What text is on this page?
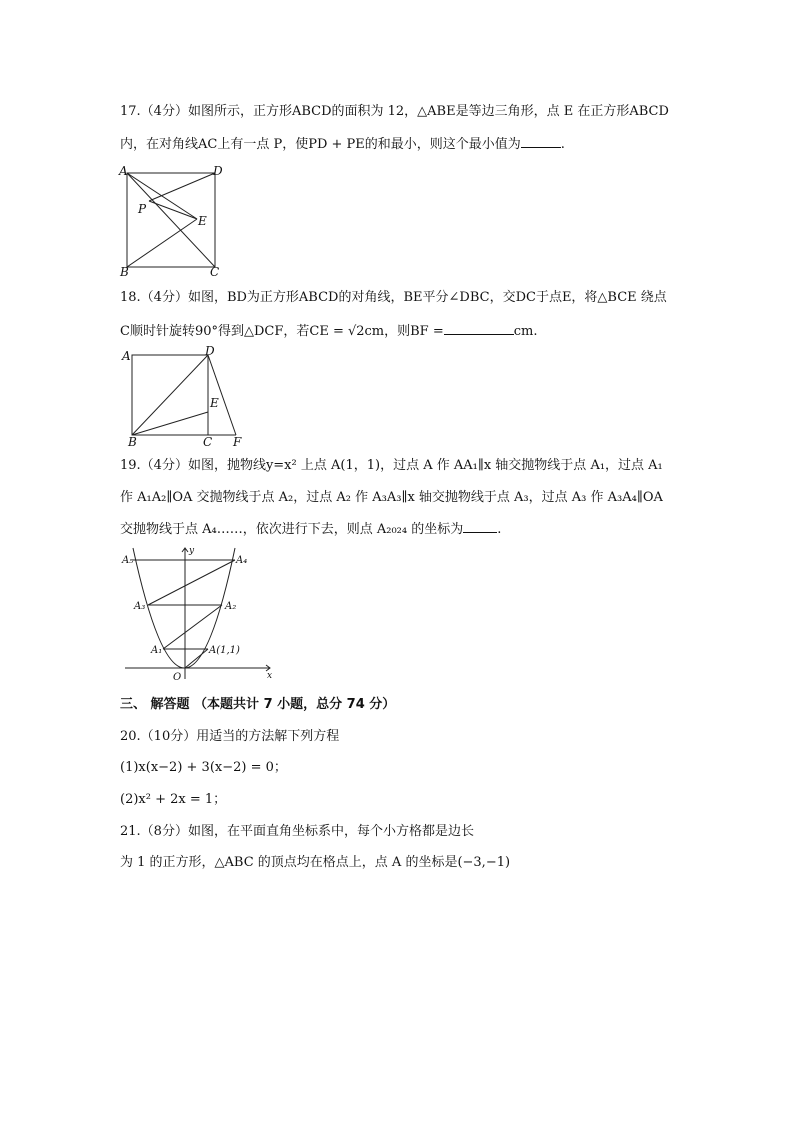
17.（4分）如图所示，正方形ABCD的面积为 12，△ABE是等边三角形，点 E 在正方形ABCD
内，在对角线AC上有一点 P，使PD + PE的和最小，则这个最小值为	.
A	D
P
E
B	C
18.（4分）如图，BD为正方形ABCD的对角线，BE平分∠DBC，交DC于点E，将△BCE 绕点
C顺时针旋转90°得到△DCF，若CE = √2cm，则BF =	cm.
A	D
E
B	C F
19.（4分）如图，抛物线y=x² 上点 A(1，1)，过点 A 作 AA₁∥x 轴交抛物线于点 A₁，过点 A₁
作 A₁A₂∥OA 交抛物线于点 A₂，过点 A₂ 作 A₃A₃∥x 轴交抛物线于点 A₃，过点 A₃ 作 A₃A₄∥OA
交抛物线于点 A₄……，依次进行下去，则点 A₂₀₂₄ 的坐标为	.
A₅	A₄
A₃	A₂
A₁	A(1,1)
O	x
y
三、 解答题 （本题共计 7 小题，总分 74 分）
20.（10分）用适当的方法解下列方程
(1)x(x−2) + 3(x−2) = 0；
(2)x² + 2x = 1；
21.（8分）如图，在平面直角坐标系中，每个小方格都是边长
为 1 的正方形，△ABC 的顶点均在格点上，点 A 的坐标是(−3,−1)
